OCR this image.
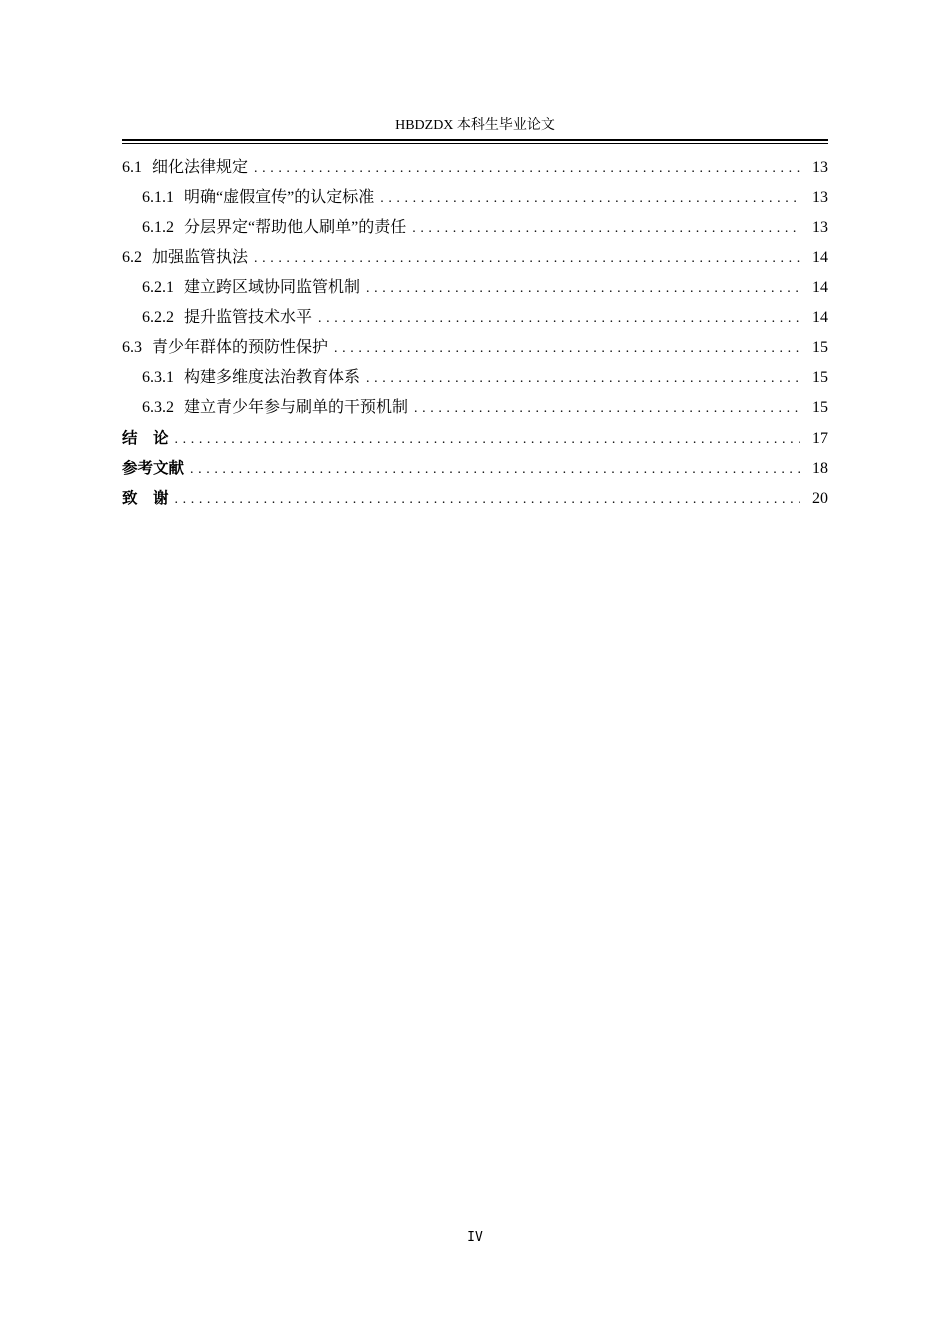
HBDZDX 本科生毕业论文
6.1 细化法律规定 .....	13
6.1.1 明确“虚假宣传”的认定标准 .....	13
6.1.2 分层界定“帮助他人刷单”的责任 .....	13
6.2 加强监管执法 .....	14
6.2.1 建立跨区域协同监管机制 .....	14
6.2.2 提升监管技术水平 .....	14
6.3 青少年群体的预防性保护 .....	15
6.3.1 构建多维度法治教育体系 .....	15
6.3.2 建立青少年参与刷单的干预机制 .....	15
结　论 .....	17
参考文献 .....	18
致　谢 .....	20
IV
